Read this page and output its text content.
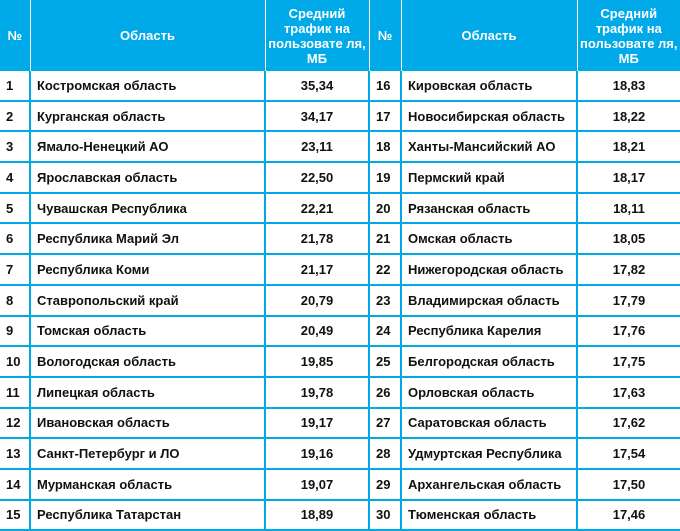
№	Область	Средний трафик на пользовате ля, МБ	№	Область	Средний трафик на пользовате ля, МБ
1	Костромская область	35,34	16	Кировская область	18,83
2	Курганская область	34,17	17	Новосибирская область	18,22
3	Ямало-Ненецкий АО	23,11	18	Ханты-Мансийский АО	18,21
4	Ярославская область	22,50	19	Пермский край	18,17
5	Чувашская Республика	22,21	20	Рязанская область	18,11
6	Республика Марий Эл	21,78	21	Омская область	18,05
7	Республика Коми	21,17	22	Нижегородская область	17,82
8	Ставропольский край	20,79	23	Владимирская область	17,79
9	Томская область	20,49	24	Республика Карелия	17,76
10	Вологодская область	19,85	25	Белгородская область	17,75
11	Липецкая область	19,78	26	Орловская область	17,63
12	Ивановская область	19,17	27	Саратовская область	17,62
13	Санкт-Петербург и ЛО	19,16	28	Удмуртская Республика	17,54
14	Мурманская область	19,07	29	Архангельская область	17,50
15	Республика Татарстан	18,89	30	Тюменская область	17,46
